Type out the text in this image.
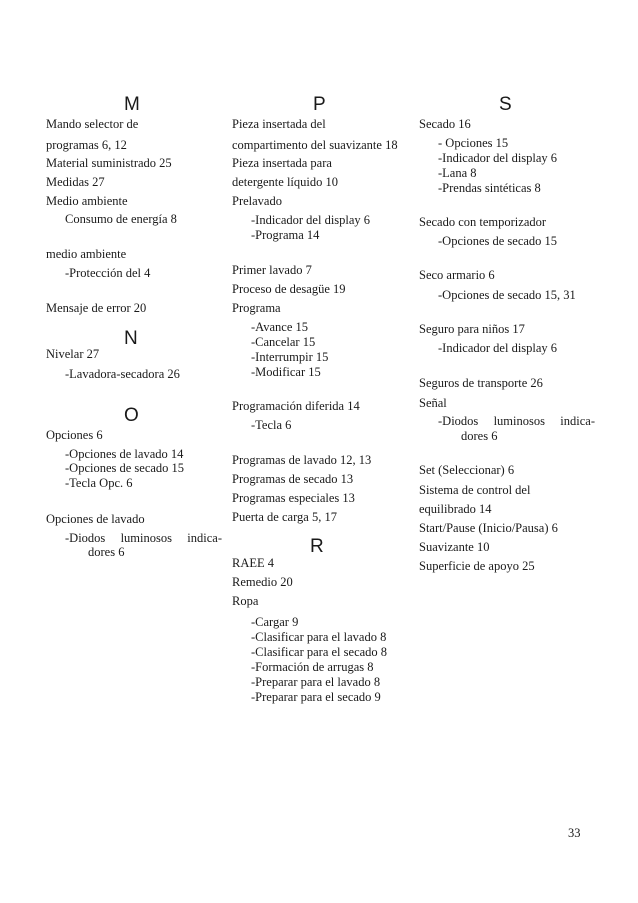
M
Mando selector de
programas 6, 12
Material suministrado 25
Medidas 27
Medio ambiente
Consumo de energía 8
medio ambiente
-Protección del 4
Mensaje de error 20
N
Nivelar 27
-Lavadora-secadora 26
O
Opciones 6
-Opciones de lavado 14
-Opciones de secado 15
-Tecla Opc. 6
Opciones de lavado
-Diodos luminosos indica-
dores 6
P
Pieza insertada del
compartimento del suavizante 18
Pieza insertada para
detergente líquido 10
Prelavado
-Indicador del display 6
-Programa 14
Primer lavado 7
Proceso de desagüe 19
Programa
-Avance 15
-Cancelar 15
-Interrumpir 15
-Modificar 15
Programación diferida 14
-Tecla 6
Programas de lavado 12, 13
Programas de secado 13
Programas especiales 13
Puerta de carga 5, 17
R
RAEE 4
Remedio 20
Ropa
-Cargar 9
-Clasificar para el lavado 8
-Clasificar para el secado 8
-Formación de arrugas 8
-Preparar para el lavado 8
-Preparar para el secado 9
S
Secado 16
- Opciones 15
-Indicador del display 6
-Lana 8
-Prendas sintéticas 8
Secado con temporizador
-Opciones de secado 15
Seco armario 6
-Opciones de secado 15, 31
Seguro para niños 17
-Indicador del display 6
Seguros de transporte 26
Señal
-Diodos luminosos indica-
dores 6
Set (Seleccionar) 6
Sistema de control del
equilibrado 14
Start/Pause (Inicio/Pausa) 6
Suavizante 10
Superficie de apoyo 25
33
